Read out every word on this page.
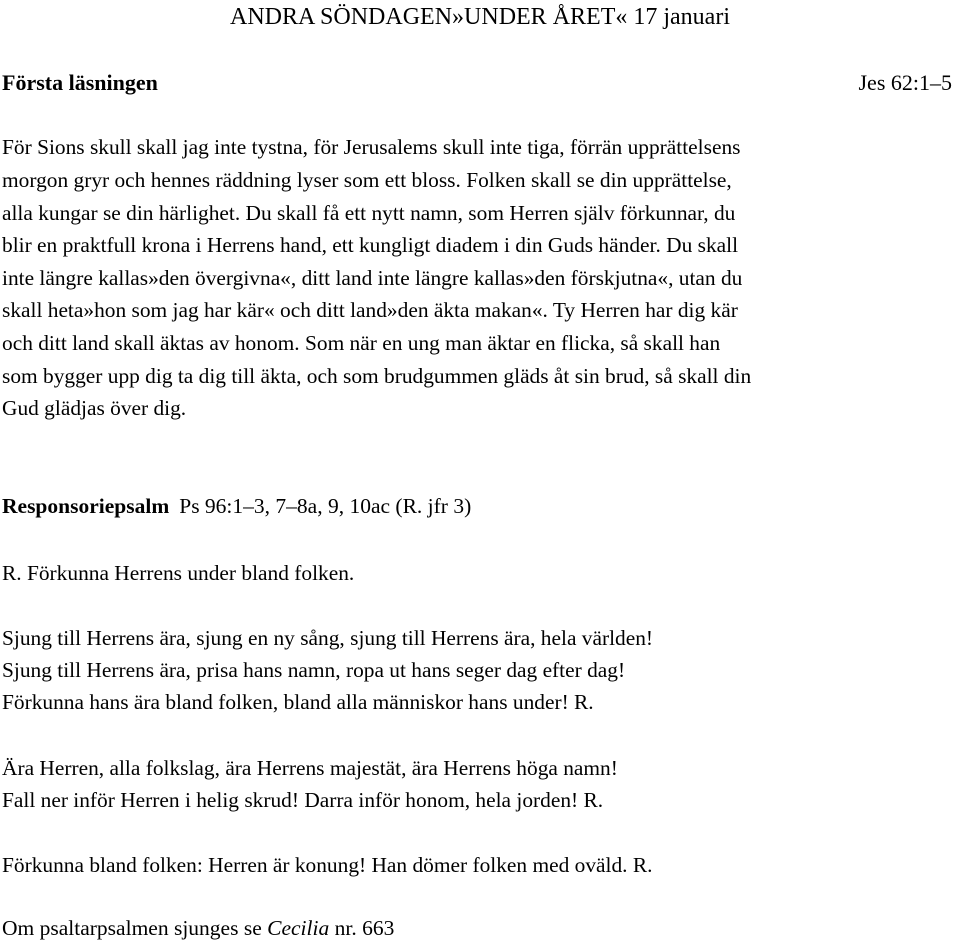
ANDRA SÖNDAGEN»UNDER ÅRET« 17 januari
Första läsningen	Jes 62:1–5
För Sions skull skall jag inte tystna, för Jerusalems skull inte tiga, förrän upprättelsens
morgon gryr och hennes räddning lyser som ett bloss. Folken skall se din upprättelse,
alla kungar se din härlighet. Du skall få ett nytt namn, som Herren själv förkunnar, du
blir en praktfull krona i Herrens hand, ett kungligt diadem i din Guds händer. Du skall
inte längre kallas»den övergivna«, ditt land inte längre kallas»den förskjutna«, utan du
skall heta»hon som jag har kär« och ditt land»den äkta makan«. Ty Herren har dig kär
och ditt land skall äktas av honom. Som när en ung man äktar en flicka, så skall han
som bygger upp dig ta dig till äkta, och som brudgummen gläds åt sin brud, så skall din
Gud glädjas över dig.
Responsoriepsalm Ps 96:1–3, 7–8a, 9, 10ac (R. jfr 3)
R. Förkunna Herrens under bland folken.
Sjung till Herrens ära, sjung en ny sång, sjung till Herrens ära, hela världen!
Sjung till Herrens ära, prisa hans namn, ropa ut hans seger dag efter dag!
Förkunna hans ära bland folken, bland alla människor hans under! R.
Ära Herren, alla folkslag, ära Herrens majestät, ära Herrens höga namn!
Fall ner inför Herren i helig skrud! Darra inför honom, hela jorden! R.
Förkunna bland folken: Herren är konung! Han dömer folken med oväld. R.
Om psaltarpsalmen sjunges se Cecilia nr. 663
